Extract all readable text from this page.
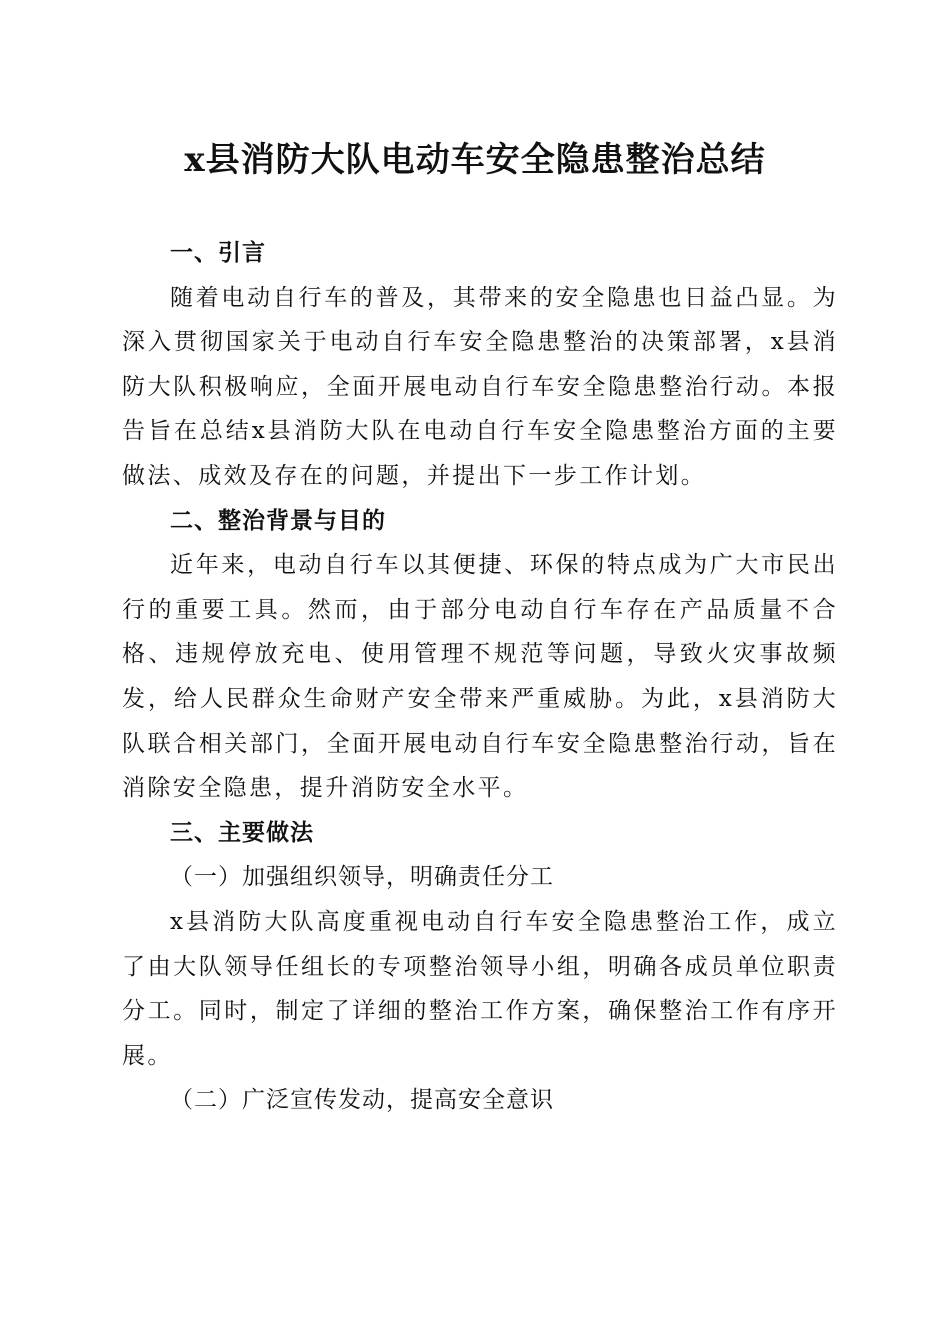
x县消防大队电动车安全隐患整治总结

一、引言

随着电动自行车的普及，其带来的安全隐患也日益凸显。为深入贯彻国家关于电动自行车安全隐患整治的决策部署，x县消防大队积极响应，全面开展电动自行车安全隐患整治行动。本报告旨在总结x县消防大队在电动自行车安全隐患整治方面的主要做法、成效及存在的问题，并提出下一步工作计划。

二、整治背景与目的

近年来，电动自行车以其便捷、环保的特点成为广大市民出行的重要工具。然而，由于部分电动自行车存在产品质量不合格、违规停放充电、使用管理不规范等问题，导致火灾事故频发，给人民群众生命财产安全带来严重威胁。为此，x县消防大队联合相关部门，全面开展电动自行车安全隐患整治行动，旨在消除安全隐患，提升消防安全水平。

三、主要做法

（一）加强组织领导，明确责任分工

x县消防大队高度重视电动自行车安全隐患整治工作，成立了由大队领导任组长的专项整治领导小组，明确各成员单位职责分工。同时，制定了详细的整治工作方案，确保整治工作有序开展。

（二）广泛宣传发动，提高安全意识
